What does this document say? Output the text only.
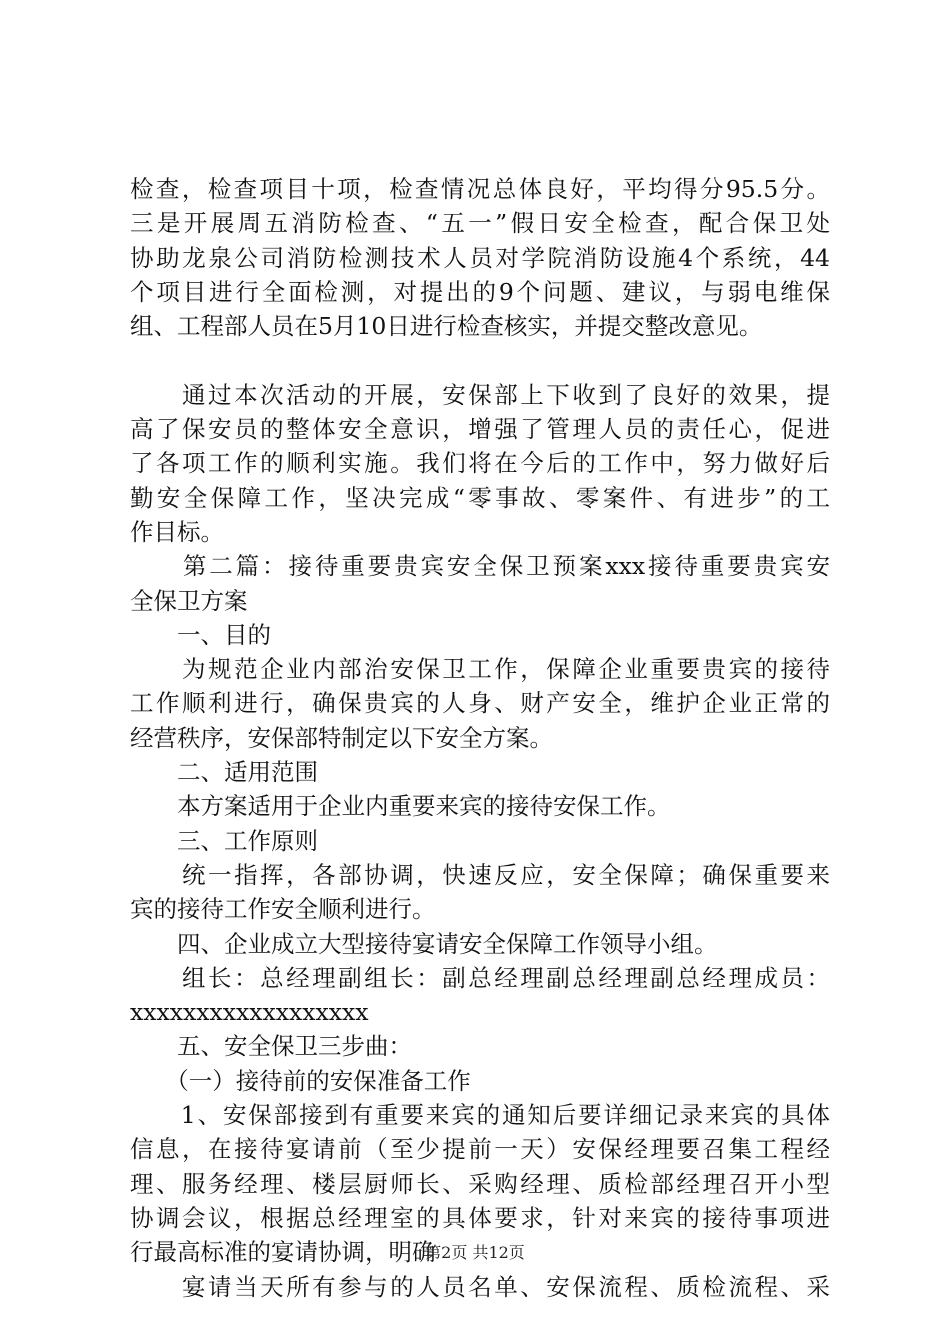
检查，检查项目十项，检查情况总体良好，平均得分95.5分。
三是开展周五消防检查、“五一”假日安全检查，配合保卫处
协助龙泉公司消防检测技术人员对学院消防设施4个系统，44
个项目进行全面检测，对提出的9个问题、建议，与弱电维保
组、工程部人员在5月10日进行检查核实，并提交整改意见。
　　通过本次活动的开展，安保部上下收到了良好的效果，提
高了保安员的整体安全意识，增强了管理人员的责任心，促进
了各项工作的顺利实施。我们将在今后的工作中，努力做好后
勤安全保障工作，坚决完成“零事故、零案件、有进步”的工
作目标。
　　第二篇：接待重要贵宾安全保卫预案xxx接待重要贵宾安
全保卫方案
　　一、目的
　　为规范企业内部治安保卫工作，保障企业重要贵宾的接待
工作顺利进行，确保贵宾的人身、财产安全，维护企业正常的
经营秩序，安保部特制定以下安全方案。
　　二、适用范围
　　本方案适用于企业内重要来宾的接待安保工作。
　　三、工作原则
　　统一指挥，各部协调，快速反应，安全保障；确保重要来
宾的接待工作安全顺利进行。
　　四、企业成立大型接待宴请安全保障工作领导小组。
　　组长：总经理副组长：副总经理副总经理副总经理成员：
xxxxxxxxxxxxxxxxxx
　　五、安全保卫三步曲：
　　（一）接待前的安保准备工作
　　1、安保部接到有重要来宾的通知后要详细记录来宾的具体
信息，在接待宴请前（至少提前一天）安保经理要召集工程经
理、服务经理、楼层厨师长、采购经理、质检部经理召开小型
协调会议，根据总经理室的具体要求，针对来宾的接待事项进
行最高标准的宴请协调，明确
　　宴请当天所有参与的人员名单、安保流程、质检流程、采
第2页 共12页
